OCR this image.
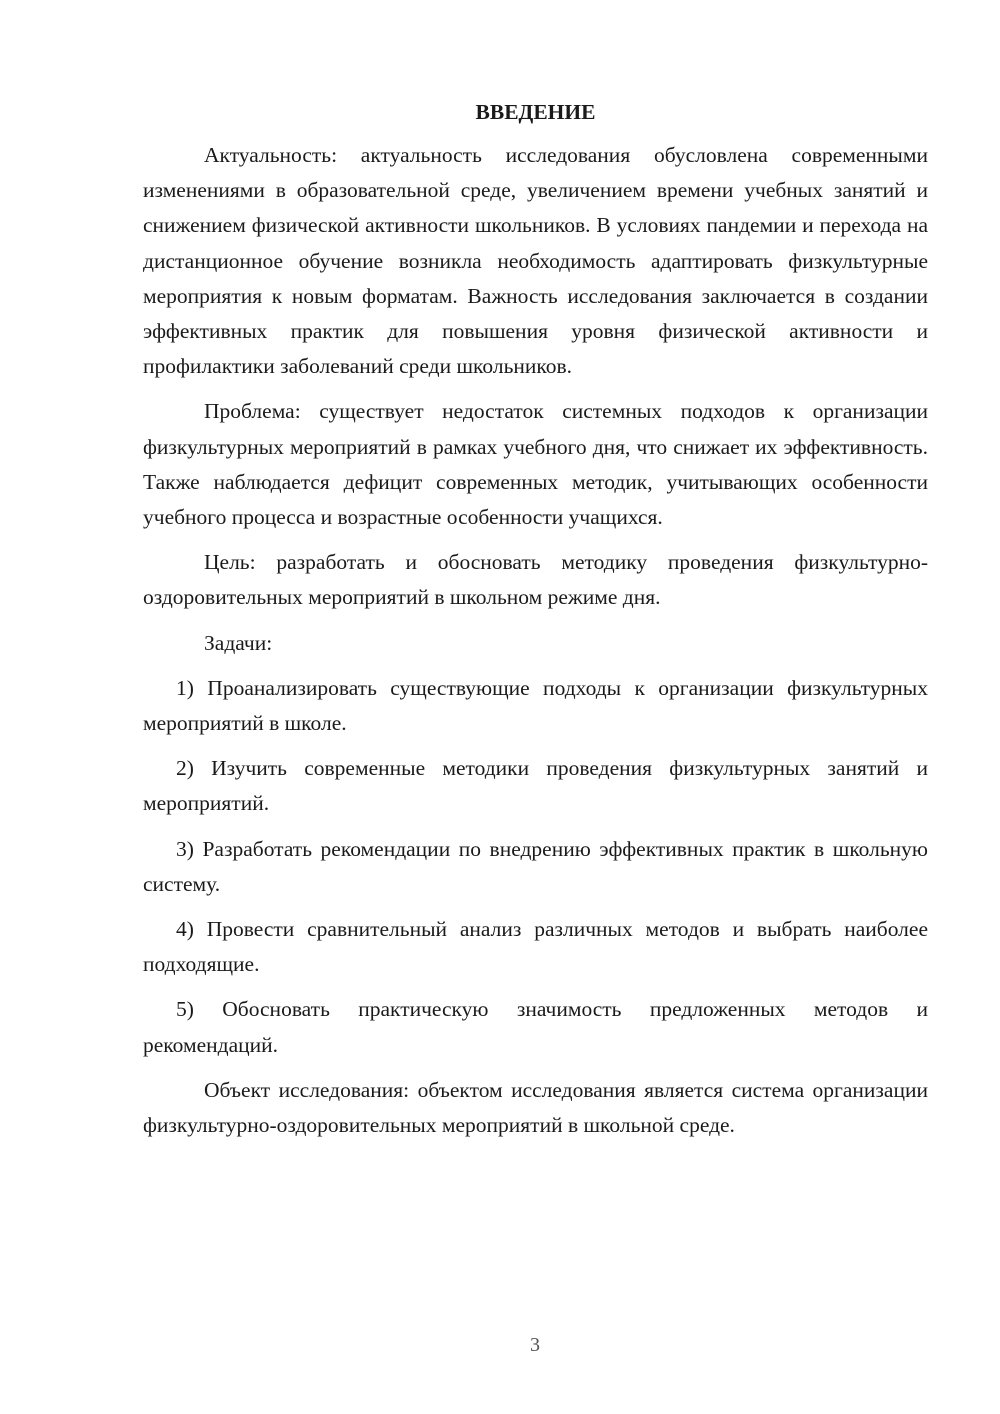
ВВЕДЕНИЕ

Актуальность: актуальность исследования обусловлена современными изменениями в образовательной среде, увеличением времени учебных занятий и снижением физической активности школьников. В условиях пандемии и перехода на дистанционное обучение возникла необходимость адаптировать физкультурные мероприятия к новым форматам. Важность исследования заключается в создании эффективных практик для повышения уровня физической активности и профилактики заболеваний среди школьников.

Проблема: существует недостаток системных подходов к организации физкультурных мероприятий в рамках учебного дня, что снижает их эффективность. Также наблюдается дефицит современных методик, учитывающих особенности учебного процесса и возрастные особенности учащихся.

Цель: разработать и обосновать методику проведения физкультурно-оздоровительных мероприятий в школьном режиме дня.

Задачи:

1) Проанализировать существующие подходы к организации физкультурных мероприятий в школе.

2) Изучить современные методики проведения физкультурных занятий и мероприятий.

3) Разработать рекомендации по внедрению эффективных практик в школьную систему.

4) Провести сравнительный анализ различных методов и выбрать наиболее подходящие.

5) Обосновать практическую значимость предложенных методов и рекомендаций.

Объект исследования: объектом исследования является система организации физкультурно-оздоровительных мероприятий в школьной среде.

3
